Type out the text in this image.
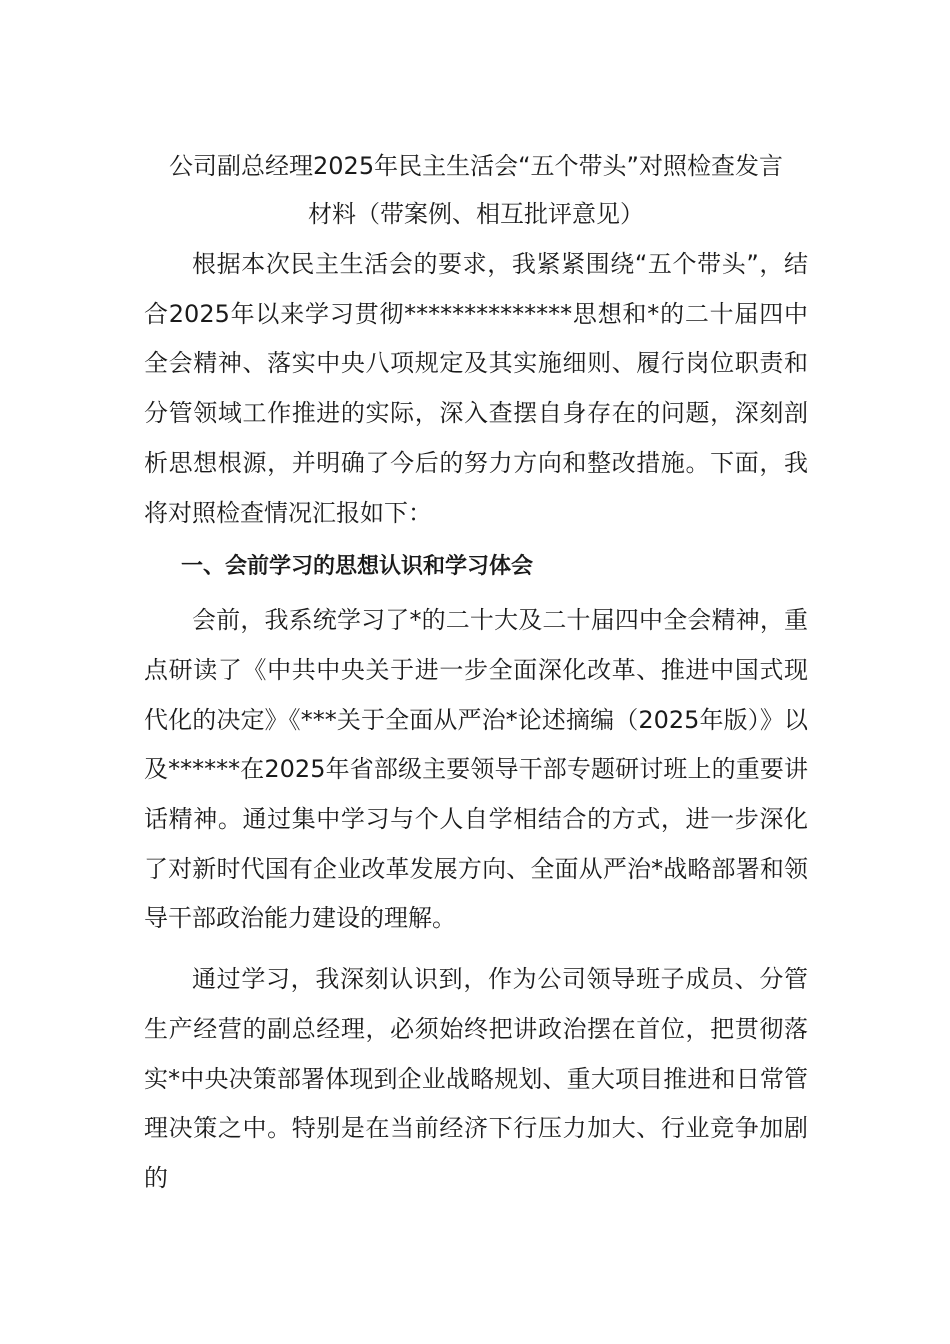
公司副总经理2025年民主生活会“五个带头”对照检查发言

材料（带案例、相互批评意见）

根据本次民主生活会的要求，我紧紧围绕“五个带头”，结合2025年以来学习贯彻**************思想和*的二十届四中全会精神、落实中央八项规定及其实施细则、履行岗位职责和分管领域工作推进的实际，深入查摆自身存在的问题，深刻剖析思想根源，并明确了今后的努力方向和整改措施。下面，我将对照检查情况汇报如下：

一、会前学习的思想认识和学习体会

会前，我系统学习了*的二十大及二十届四中全会精神，重点研读了《中共中央关于进一步全面深化改革、推进中国式现代化的决定》《***关于全面从严治*论述摘编（2025年版）》以及******在2025年省部级主要领导干部专题研讨班上的重要讲话精神。通过集中学习与个人自学相结合的方式，进一步深化了对新时代国有企业改革发展方向、全面从严治*战略部署和领导干部政治能力建设的理解。

通过学习，我深刻认识到，作为公司领导班子成员、分管生产经营的副总经理，必须始终把讲政治摆在首位，把贯彻落实*中央决策部署体现到企业战略规划、重大项目推进和日常管理决策之中。特别是在当前经济下行压力加大、行业竞争加剧的
